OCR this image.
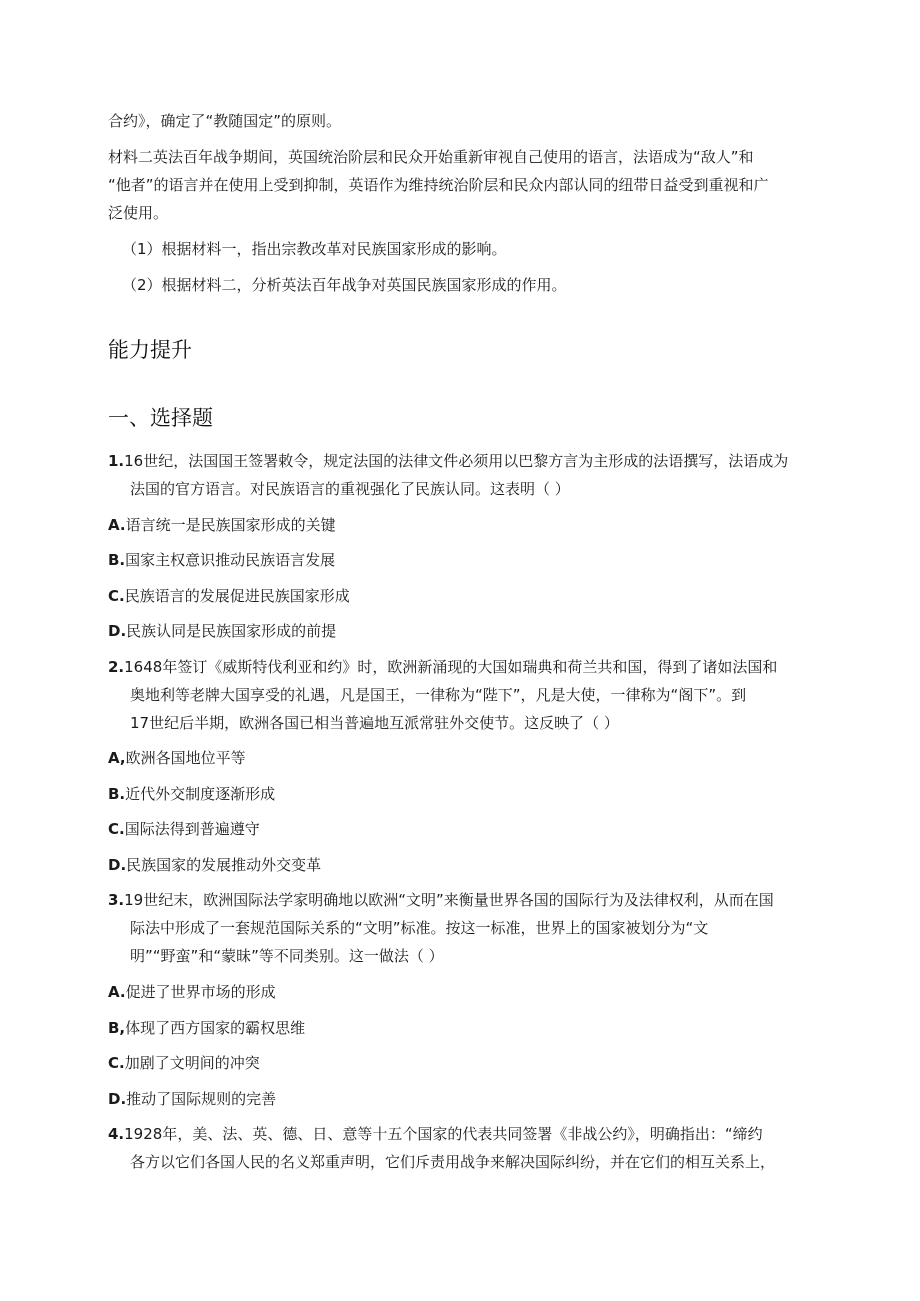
合约》，确定了“教随国定”的原则。
材料二英法百年战争期间，英国统治阶层和民众开始重新审视自己使用的语言，法语成为“敌人”和
“他者”的语言并在使用上受到抑制，英语作为维持统治阶层和民众内部认同的纽带日益受到重视和广
泛使用。
（1）根据材料一，指出宗教改革对民族国家形成的影响。
（2）根据材料二，分析英法百年战争对英国民族国家形成的作用。
能力提升
一、选择题
1.16世纪，法国国王签署敕令，规定法国的法律文件必须用以巴黎方言为主形成的法语撰写，法语成为
法国的官方语言。对民族语言的重视强化了民族认同。这表明（ ）
A.语言统一是民族国家形成的关键
B.国家主权意识推动民族语言发展
C.民族语言的发展促进民族国家形成
D.民族认同是民族国家形成的前提
2.1648年签订《威斯特伐利亚和约》时，欧洲新涌现的大国如瑞典和荷兰共和国，得到了诸如法国和
奥地利等老牌大国享受的礼遇，凡是国王，一律称为“陛下”，凡是大使，一律称为“阁下”。到
17世纪后半期，欧洲各国已相当普遍地互派常驻外交使节。这反映了（ ）
A,欧洲各国地位平等
B.近代外交制度逐渐形成
C.国际法得到普遍遵守
D.民族国家的发展推动外交变革
3.19世纪末，欧洲国际法学家明确地以欧洲“文明”来衡量世界各国的国际行为及法律权利，从而在国
际法中形成了一套规范国际关系的“文明”标准。按这一标准，世界上的国家被划分为“文
明”“野蛮”和“蒙昧”等不同类别。这一做法（ ）
A.促进了世界市场的形成
B,体现了西方国家的霸权思维
C.加剧了文明间的冲突
D.推动了国际规则的完善
4.1928年，美、法、英、德、日、意等十五个国家的代表共同签署《非战公约》，明确指出：“缔约
各方以它们各国人民的名义郑重声明，它们斥责用战争来解决国际纠纷，并在它们的相互关系上，
